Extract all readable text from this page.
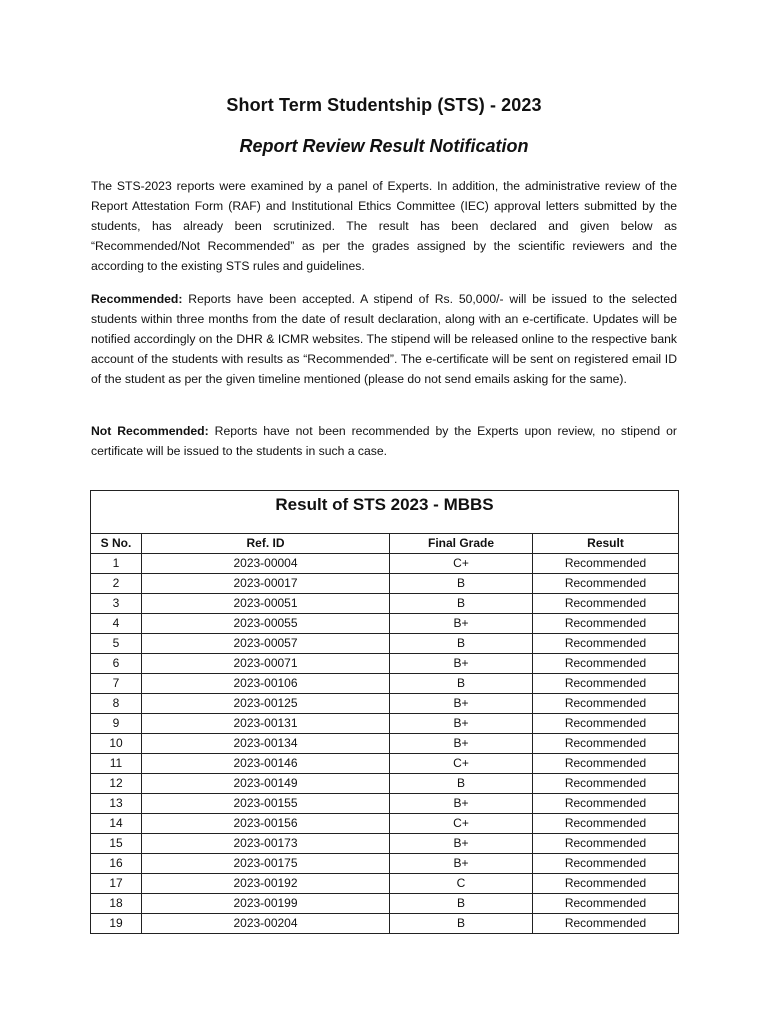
Short Term Studentship (STS) - 2023
Report Review Result Notification

The STS-2023 reports were examined by a panel of Experts. In addition, the administrative review of the Report Attestation Form (RAF) and Institutional Ethics Committee (IEC) approval letters submitted by the students, has already been scrutinized. The result has been declared and given below as “Recommended/Not Recommended” as per the grades assigned by the scientific reviewers and the according to the existing STS rules and guidelines.

Recommended: Reports have been accepted. A stipend of Rs. 50,000/- will be issued to the selected students within three months from the date of result declaration, along with an e-certificate. Updates will be notified accordingly on the DHR & ICMR websites. The stipend will be released online to the respective bank account of the students with results as “Recommended”. The e-certificate will be sent on registered email ID of the student as per the given timeline mentioned (please do not send emails asking for the same).

Not Recommended: Reports have not been recommended by the Experts upon review, no stipend or certificate will be issued to the students in such a case.

Result of STS 2023 - MBBS			
S No.	Ref. ID	Final Grade	Result
1	2023-00004	C+	Recommended
2	2023-00017	B	Recommended
3	2023-00051	B	Recommended
4	2023-00055	B+	Recommended
5	2023-00057	B	Recommended
6	2023-00071	B+	Recommended
7	2023-00106	B	Recommended
8	2023-00125	B+	Recommended
9	2023-00131	B+	Recommended
10	2023-00134	B+	Recommended
11	2023-00146	C+	Recommended
12	2023-00149	B	Recommended
13	2023-00155	B+	Recommended
14	2023-00156	C+	Recommended
15	2023-00173	B+	Recommended
16	2023-00175	B+	Recommended
17	2023-00192	C	Recommended
18	2023-00199	B	Recommended
19	2023-00204	B	Recommended
